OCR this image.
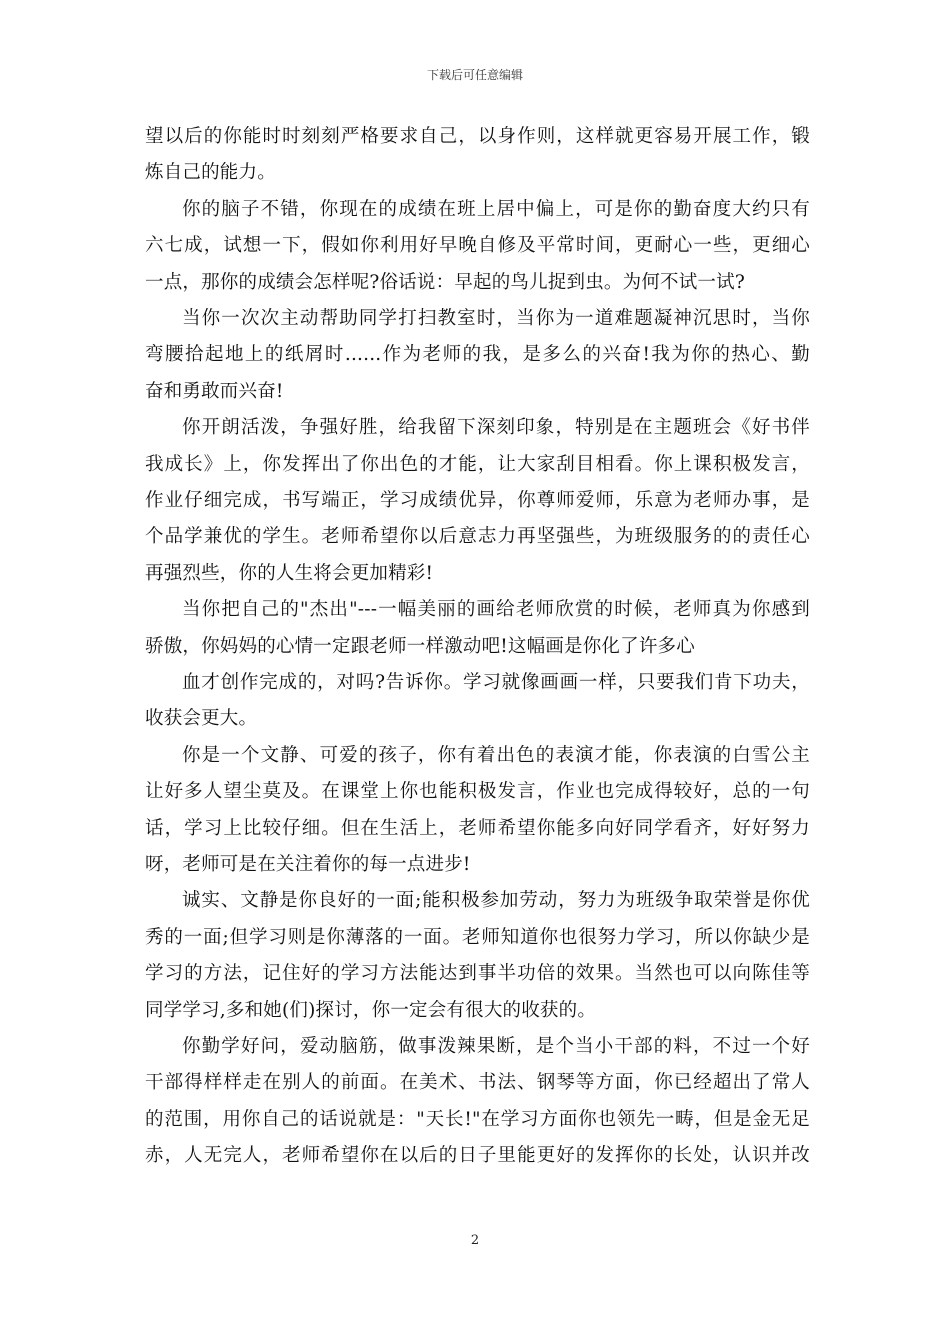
下载后可任意编辑
望以后的你能时时刻刻严格要求自己，以身作则，这样就更容易开展工作，锻
炼自己的能力。
你的脑子不错，你现在的成绩在班上居中偏上，可是你的勤奋度大约只有
六七成，试想一下，假如你利用好早晚自修及平常时间，更耐心一些，更细心
一点，那你的成绩会怎样呢?俗话说：早起的鸟儿捉到虫。为何不试一试?
当你一次次主动帮助同学打扫教室时，当你为一道难题凝神沉思时，当你
弯腰拾起地上的纸屑时......作为老师的我，是多么的兴奋!我为你的热心、勤
奋和勇敢而兴奋!
你开朗活泼，争强好胜，给我留下深刻印象，特别是在主题班会《好书伴
我成长》上，你发挥出了你出色的才能，让大家刮目相看。你上课积极发言，
作业仔细完成，书写端正，学习成绩优异，你尊师爱师，乐意为老师办事，是
个品学兼优的学生。老师希望你以后意志力再坚强些，为班级服务的的责任心
再强烈些，你的人生将会更加精彩!
当你把自己的"杰出"---一幅美丽的画给老师欣赏的时候，老师真为你感到
骄傲，你妈妈的心情一定跟老师一样激动吧!这幅画是你化了许多心
血才创作完成的，对吗?告诉你。学习就像画画一样，只要我们肯下功夫，
收获会更大。
你是一个文静、可爱的孩子，你有着出色的表演才能，你表演的白雪公主
让好多人望尘莫及。在课堂上你也能积极发言，作业也完成得较好，总的一句
话，学习上比较仔细。但在生活上，老师希望你能多向好同学看齐，好好努力
呀，老师可是在关注着你的每一点进步!
诚实、文静是你良好的一面;能积极参加劳动，努力为班级争取荣誉是你优
秀的一面;但学习则是你薄落的一面。老师知道你也很努力学习，所以你缺少是
学习的方法，记住好的学习方法能达到事半功倍的效果。当然也可以向陈佳等
同学学习,多和她(们)探讨，你一定会有很大的收获的。
你勤学好问，爱动脑筋，做事泼辣果断，是个当小干部的料，不过一个好
干部得样样走在别人的前面。在美术、书法、钢琴等方面，你已经超出了常人
的范围，用你自己的话说就是："天长!"在学习方面你也领先一畴，但是金无足
赤，人无完人，老师希望你在以后的日子里能更好的发挥你的长处，认识并改
2
